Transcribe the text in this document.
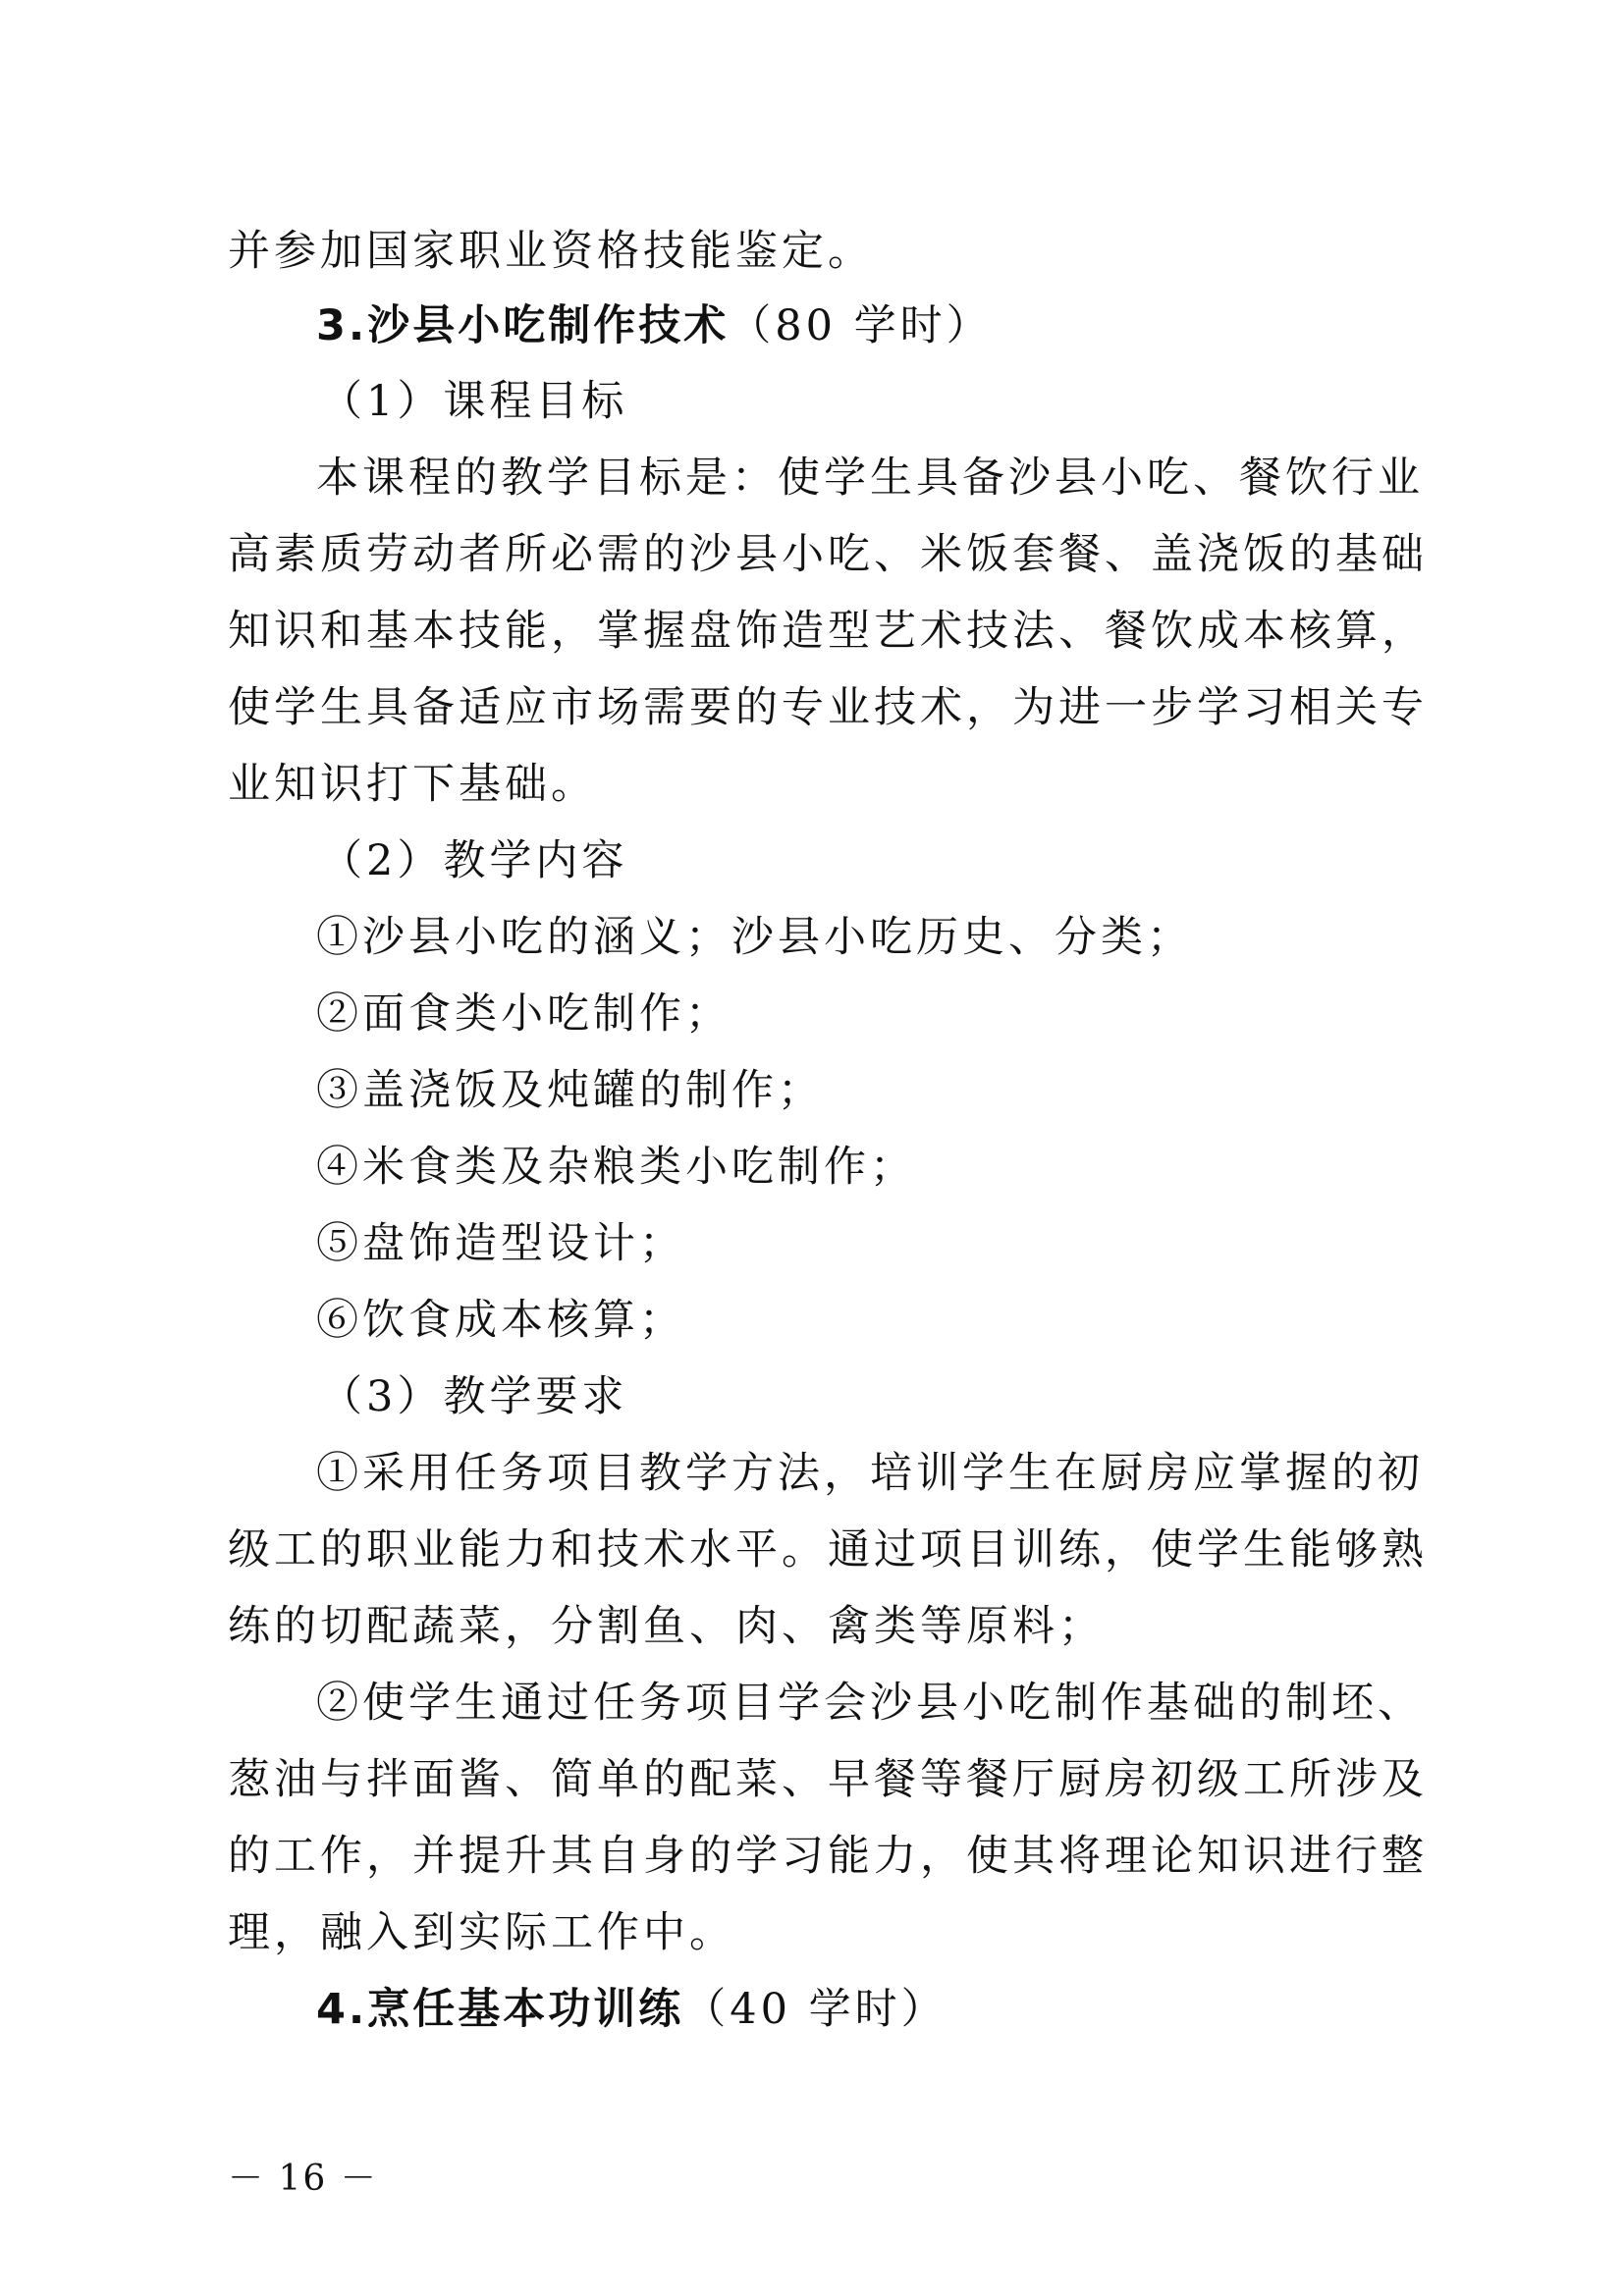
并参加国家职业资格技能鉴定。
3.沙县小吃制作技术（80 学时）
（1）课程目标
本课程的教学目标是：使学生具备沙县小吃、餐饮行业
高素质劳动者所必需的沙县小吃、米饭套餐、盖浇饭的基础
知识和基本技能，掌握盘饰造型艺术技法、餐饮成本核算，
使学生具备适应市场需要的专业技术，为进一步学习相关专
业知识打下基础。
（2）教学内容
①沙县小吃的涵义；沙县小吃历史、分类；
②面食类小吃制作；
③盖浇饭及炖罐的制作；
④米食类及杂粮类小吃制作；
⑤盘饰造型设计；
⑥饮食成本核算；
（3）教学要求
①采用任务项目教学方法，培训学生在厨房应掌握的初
级工的职业能力和技术水平。通过项目训练，使学生能够熟
练的切配蔬菜，分割鱼、肉、禽类等原料；
②使学生通过任务项目学会沙县小吃制作基础的制坯、
葱油与拌面酱、简单的配菜、早餐等餐厅厨房初级工所涉及
的工作，并提升其自身的学习能力，使其将理论知识进行整
理，融入到实际工作中。
4.烹任基本功训练（40 学时）
－ 16 －
